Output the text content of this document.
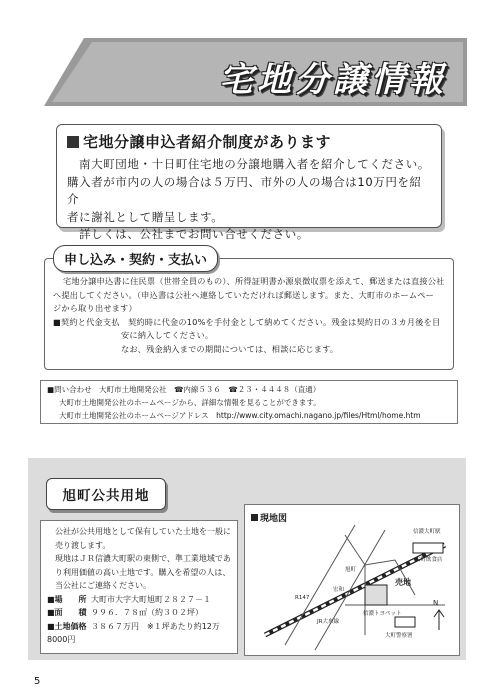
宅地分譲情報
宅地分譲申込者紹介制度があります

南大町団地・十日町住宅地の分譲地購入者を紹介してください。

購入者が市内の人の場合は５万円、市外の人の場合は10万円を紹介

者に謝礼として贈呈します。

詳しくは、公社までお問い合せください。

申し込み・契約・支払い

宅地分譲申込書に住民票（世帯全員のもの）、所得証明書か源泉徴収票を添えて、郵送または直接公社

へ提出してください。（申込書は公社へ連絡していただければ郵送します。また、大町市のホームペー

ジから取り出せます）

■契約と代金支払　契約時に代金の10%を手付金として納めてください。残金は契約日の３カ月後を目

安に納入してください。

なお、残金納入までの期間については、相談に応じます。

■問い合わせ　大町市土地開発公社　☎内線５３６　☎２３・４４４８（直通）
大町市土地開発公社のホームページから、詳細な情報を見ることができます。
大町市土地開発公社のホームページアドレス　http://www.city.omachi.nagano.jp/files/Html/home.htm
旭町公共用地

公社が公共用地として保有していた土地を一般に売り渡します。

現地はＪＲ信濃大町駅の東側で、準工業地域であり利用価値の高い土地です。購入を希望の人は、当公社にご連絡ください。

■場　　所 大町市大字大町旭町２８２７－１
■面　　積 ９９６．７８㎡（約３０２坪）
■土地価格 ３８６７万円　※１坪あたり約12万8000円
現地図
信濃大町駅
大町飲食店
売地
N
大町警察署
JR大糸線
R147
信濃トヨペット
旭町
宏和
5
